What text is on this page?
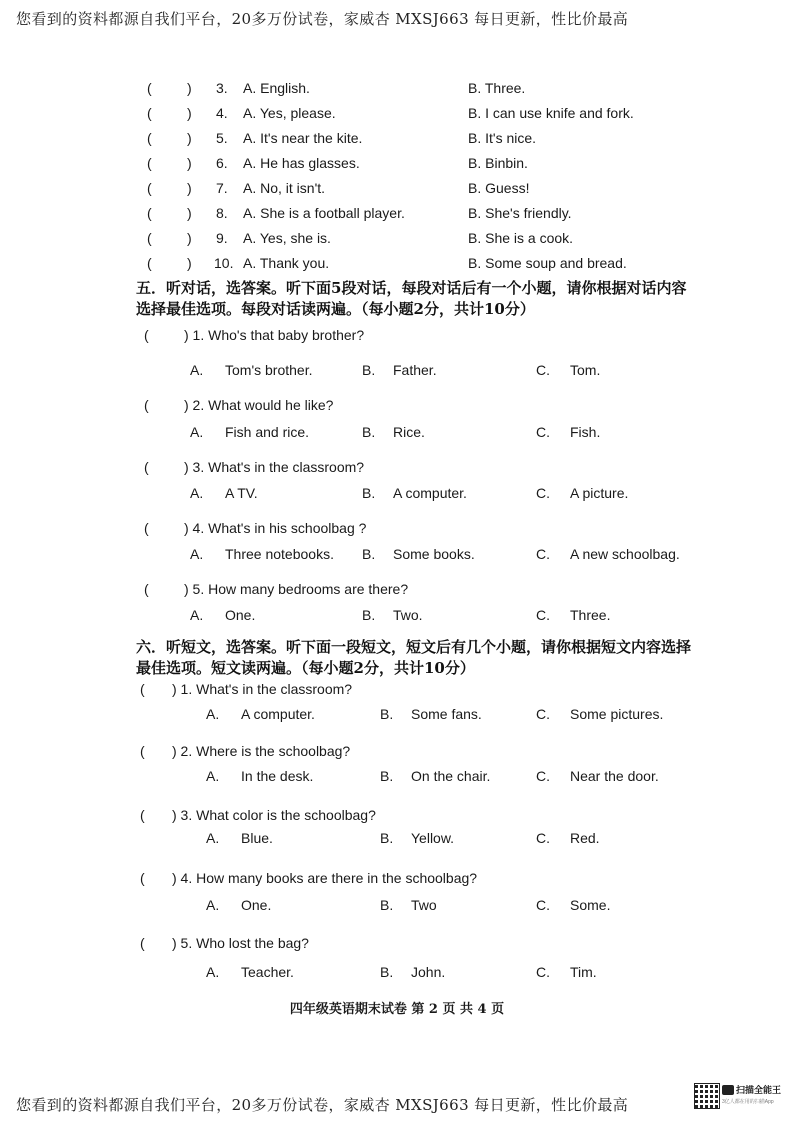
您看到的资料都源自我们平台，20多万份试卷，家威杏 MXSJ663 每日更新，性比价最高
(	) 3. A. English.	B. Three.
(	) 4. A. Yes, please.	B. I can use knife and fork.
(	) 5. A. It's near the kite.	B. It's nice.
(	) 6. A. He has glasses.	B. Binbin.
(	) 7. A. No, it isn't.	B. Guess!
(	) 8. A. She is a football player.	B. She's friendly.
(	) 9. A. Yes, she is.	B. She is a cook.
(	) 10. A. Thank you.	B. Some soup and bread.
五．听对话，选答案。听下面5段对话，每段对话后有一个小题，请你根据对话内容
选择最佳选项。每段对话读两遍。（每小题2分，共计10分）
(	) 1. Who's that baby brother?
A. Tom's brother.	B. Father.	C. Tom.
(	) 2. What would he like?
A. Fish and rice.	B. Rice.	C. Fish.
(	) 3. What's in the classroom?
A. A TV.	B. A computer.	C. A picture.
(	) 4. What's in his schoolbag ?
A. Three notebooks. B. Some books.	C. A new schoolbag.
(	) 5. How many bedrooms are there?
A. One.	B. Two.	C. Three.
六．听短文，选答案。听下面一段短文，短文后有几个小题，请你根据短文内容选择
最佳选项。短文读两遍。（每小题2分，共计10分）
( ) 1. What's in the classroom?
A. A computer.	B. Some fans.	C. Some pictures.
( ) 2. Where is the schoolbag?
A. In the desk.	B. On the chair.	C. Near the door.
( ) 3. What color is the schoolbag?
A. Blue.	B. Yellow.	C. Red.
( ) 4. How many books are there in the schoolbag?
A. One.	B. Two	C. Some.
( ) 5. Who lost the bag?
A. Teacher.	B. John.	C. Tim.
四年级英语期末试卷 第 2 页 共 4 页
您看到的资料都源自我们平台，20多万份试卷，家威杏 MXSJ663 每日更新，性比价最高
扫描全能王
3亿人都在用的扫描App
